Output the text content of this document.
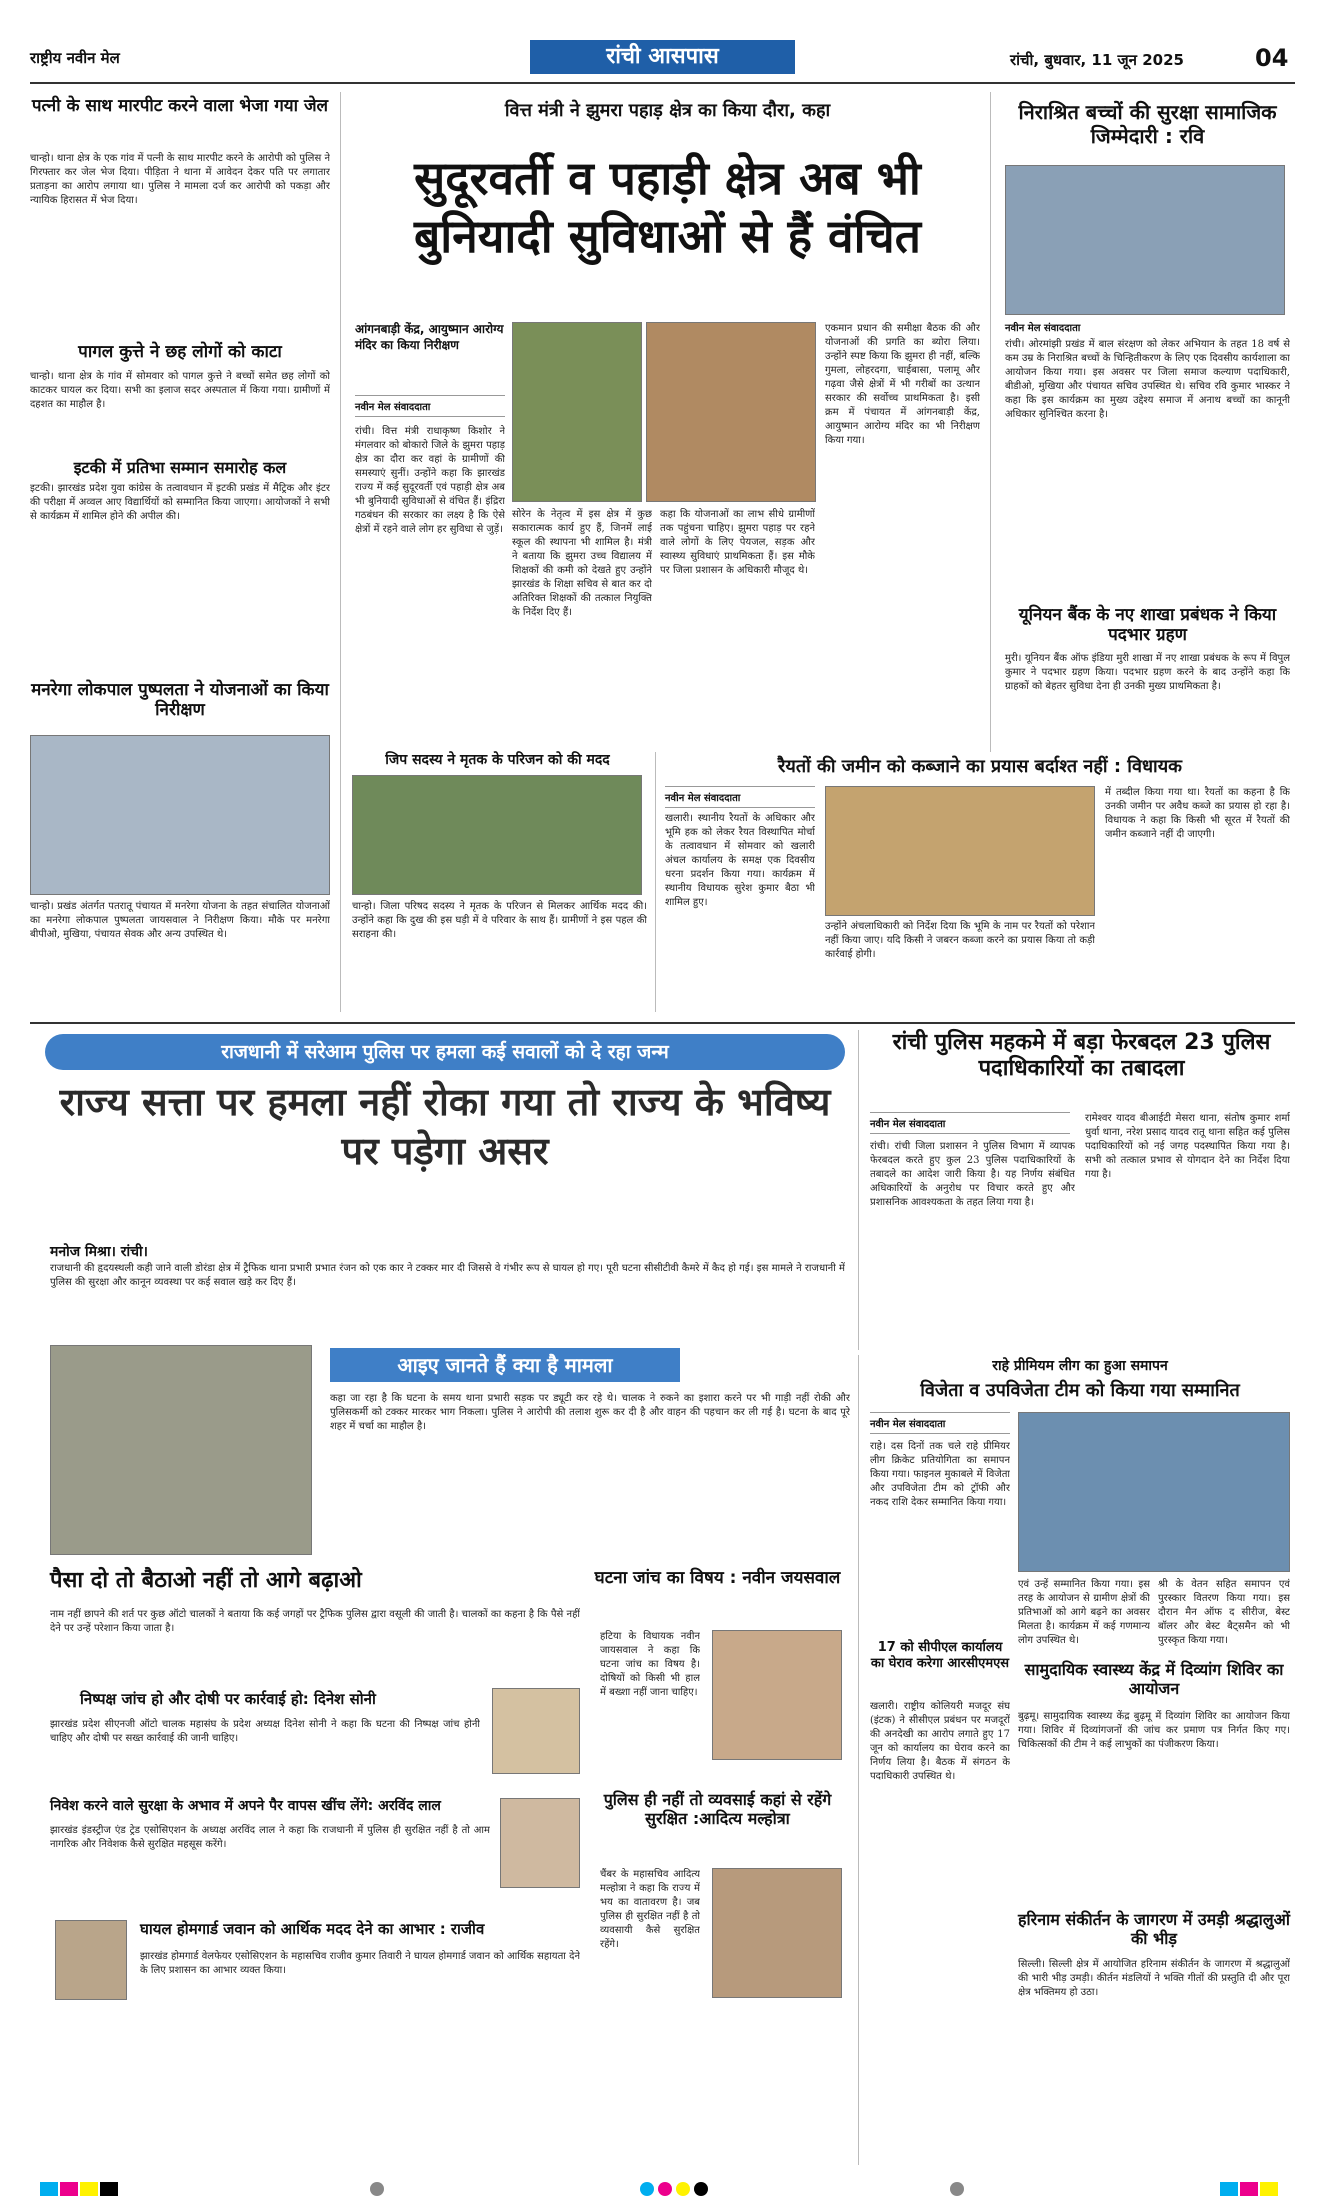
राष्ट्रीय नवीन मेल	रांची आसपास	रांची, बुधवार, 11 जून 2025	04
पत्नी के साथ मारपीट करने वाला भेजा गया जेल
चान्हो। थाना क्षेत्र के एक गांव में पत्नी के साथ मारपीट करने के आरोपी को पुलिस ने गिरफ्तार कर जेल भेज दिया। पीड़िता ने थाना में आवेदन देकर पति पर लगातार प्रताड़ना का आरोप लगाया था। पुलिस ने मामला दर्ज कर आरोपी को पकड़ा और न्यायिक हिरासत में भेज दिया।
पागल कुत्ते ने छह लोगों को काटा
चान्हो। थाना क्षेत्र के गांव में सोमवार को पागल कुत्ते ने बच्चों समेत छह लोगों को काटकर घायल कर दिया। सभी का इलाज सदर अस्पताल में किया गया। ग्रामीणों में दहशत का माहौल है।
इटकी में प्रतिभा सम्मान समारोह कल
इटकी। झारखंड प्रदेश युवा कांग्रेस के तत्वावधान में इटकी प्रखंड में मैट्रिक और इंटर की परीक्षा में अव्वल आए विद्यार्थियों को सम्मानित किया जाएगा। आयोजकों ने सभी से कार्यक्रम में शामिल होने की अपील की।
मनरेगा लोकपाल पुष्पलता ने योजनाओं का किया निरीक्षण
चान्हो। प्रखंड अंतर्गत पतरातू पंचायत में मनरेगा योजना के तहत संचालित योजनाओं का मनरेगा लोकपाल पुष्पलता जायसवाल ने निरीक्षण किया। मौके पर मनरेगा बीपीओ, मुखिया, पंचायत सेवक और अन्य उपस्थित थे।
वित्त मंत्री ने झुमरा पहाड़ क्षेत्र का किया दौरा, कहा
सुदूरवर्ती व पहाड़ी क्षेत्र अब भी बुनियादी सुविधाओं से हैं वंचित
आंगनबाड़ी केंद्र, आयुष्मान आरोग्य मंदिर का किया निरीक्षण
नवीन मेल संवाददाता
रांची। वित्त मंत्री राधाकृष्ण किशोर ने मंगलवार को बोकारो जिले के झुमरा पहाड़ क्षेत्र का दौरा कर वहां के ग्रामीणों की समस्याएं सुनीं। उन्होंने कहा कि झारखंड राज्य में कई सुदूरवर्ती एवं पहाड़ी क्षेत्र अब भी बुनियादी सुविधाओं से वंचित हैं। इंद्रिरा गठबंधन की सरकार का लक्ष्य है कि ऐसे क्षेत्रों में रहने वाले लोग हर सुविधा से जुड़ें।
सोरेन के नेतृत्व में इस क्षेत्र में कुछ सकारात्मक कार्य हुए हैं, जिनमें लाई स्कूल की स्थापना भी शामिल है। मंत्री ने बताया कि झुमरा उच्च विद्यालय में शिक्षकों की कमी को देखते हुए उन्होंने झारखंड के शिक्षा सचिव से बात कर दो अतिरिक्त शिक्षकों की तत्काल नियुक्ति के निर्देश दिए हैं।
कहा कि योजनाओं का लाभ सीधे ग्रामीणों तक पहुंचना चाहिए। झुमरा पहाड़ पर रहने वाले लोगों के लिए पेयजल, सड़क और स्वास्थ्य सुविधाएं प्राथमिकता हैं। इस मौके पर जिला प्रशासन के अधिकारी मौजूद थे।
एकमान प्रधान की समीक्षा बैठक की और योजनाओं की प्रगति का ब्योरा लिया। उन्होंने स्पष्ट किया कि झुमरा ही नहीं, बल्कि गुमला, लोहरदगा, चाईबासा, पलामू और गढ़वा जैसे क्षेत्रों में भी गरीबों का उत्थान सरकार की सर्वोच्च प्राथमिकता है। इसी क्रम में पंचायत में आंगनबाड़ी केंद्र, आयुष्मान आरोग्य मंदिर का भी निरीक्षण किया गया।
निराश्रित बच्चों की सुरक्षा सामाजिक जिम्मेदारी : रवि
नवीन मेल संवाददाता
रांची। ओरमांझी प्रखंड में बाल संरक्षण को लेकर अभियान के तहत 18 वर्ष से कम उम्र के निराश्रित बच्चों के चिन्हितीकरण के लिए एक दिवसीय कार्यशाला का आयोजन किया गया। इस अवसर पर जिला समाज कल्याण पदाधिकारी, बीडीओ, मुखिया और पंचायत सचिव उपस्थित थे। सचिव रवि कुमार भास्कर ने कहा कि इस कार्यक्रम का मुख्य उद्देश्य समाज में अनाथ बच्चों का कानूनी अधिकार सुनिश्चित करना है।
यूनियन बैंक के नए शाखा प्रबंधक ने किया पदभार ग्रहण
मुरी। यूनियन बैंक ऑफ इंडिया मुरी शाखा में नए शाखा प्रबंधक के रूप में विपुल कुमार ने पदभार ग्रहण किया। पदभार ग्रहण करने के बाद उन्होंने कहा कि ग्राहकों को बेहतर सुविधा देना ही उनकी मुख्य प्राथमिकता है।
जिप सदस्य ने मृतक के परिजन को की मदद
चान्हो। जिला परिषद सदस्य ने मृतक के परिजन से मिलकर आर्थिक मदद की। उन्होंने कहा कि दुख की इस घड़ी में वे परिवार के साथ हैं। ग्रामीणों ने इस पहल की सराहना की।
रैयतों की जमीन को कब्जाने का प्रयास बर्दाश्त नहीं : विधायक
नवीन मेल संवाददाता
खलारी। स्थानीय रैयतों के अधिकार और भूमि हक को लेकर रैयत विस्थापित मोर्चा के तत्वावधान में सोमवार को खलारी अंचल कार्यालय के समक्ष एक दिवसीय धरना प्रदर्शन किया गया। कार्यक्रम में स्थानीय विधायक सुरेश कुमार बैठा भी शामिल हुए।
उन्होंने अंचलाधिकारी को निर्देश दिया कि भूमि के नाम पर रैयतों को परेशान नहीं किया जाए। यदि किसी ने जबरन कब्जा करने का प्रयास किया तो कड़ी कार्रवाई होगी।
में तब्दील किया गया था। रैयतों का कहना है कि उनकी जमीन पर अवैध कब्जे का प्रयास हो रहा है। विधायक ने कहा कि किसी भी सूरत में रैयतों की जमीन कब्जाने नहीं दी जाएगी।
राजधानी में सरेआम पुलिस पर हमला कई सवालों को दे रहा जन्म
राज्य सत्ता पर हमला नहीं रोका गया तो राज्य के भविष्य पर पड़ेगा असर
रांची पुलिस महकमे में बड़ा फेरबदल 23 पुलिस पदाधिकारियों का तबादला
नवीन मेल संवाददाता
रांची। रांची जिला प्रशासन ने पुलिस विभाग में व्यापक फेरबदल करते हुए कुल 23 पुलिस पदाधिकारियों के तबादले का आदेश जारी किया है। यह निर्णय संबंधित अधिकारियों के अनुरोध पर विचार करते हुए और प्रशासनिक आवश्यकता के तहत लिया गया है।
रामेश्वर यादव बीआईटी मेसरा थाना, संतोष कुमार शर्मा धुर्वा थाना, नरेश प्रसाद यादव रातू थाना सहित कई पुलिस पदाधिकारियों को नई जगह पदस्थापित किया गया है। सभी को तत्काल प्रभाव से योगदान देने का निर्देश दिया गया है।
मनोज मिश्रा। रांची।
राजधानी की हृदयस्थली कही जाने वाली डोरंडा क्षेत्र में ट्रैफिक थाना प्रभारी प्रभात रंजन को एक कार ने टक्कर मार दी जिससे वे गंभीर रूप से घायल हो गए। पूरी घटना सीसीटीवी कैमरे में कैद हो गई। इस मामले ने राजधानी में पुलिस की सुरक्षा और कानून व्यवस्था पर कई सवाल खड़े कर दिए हैं।
आइए जानते हैं क्या है मामला
कहा जा रहा है कि घटना के समय थाना प्रभारी सड़क पर ड्यूटी कर रहे थे। चालक ने रुकने का इशारा करने पर भी गाड़ी नहीं रोकी और पुलिसकर्मी को टक्कर मारकर भाग निकला। पुलिस ने आरोपी की तलाश शुरू कर दी है और वाहन की पहचान कर ली गई है। घटना के बाद पूरे शहर में चर्चा का माहौल है।
पैसा दो तो बैठाओ नहीं तो आगे बढ़ाओ
नाम नहीं छापने की शर्त पर कुछ ऑटो चालकों ने बताया कि कई जगहों पर ट्रैफिक पुलिस द्वारा वसूली की जाती है। चालकों का कहना है कि पैसे नहीं देने पर उन्हें परेशान किया जाता है।
निष्पक्ष जांच हो और दोषी पर कार्रवाई हो: दिनेश सोनी
झारखंड प्रदेश सीएनजी ऑटो चालक महासंघ के प्रदेश अध्यक्ष दिनेश सोनी ने कहा कि घटना की निष्पक्ष जांच होनी चाहिए और दोषी पर सख्त कार्रवाई की जानी चाहिए।
निवेश करने वाले सुरक्षा के अभाव में अपने पैर वापस खींच लेंगे: अरविंद लाल
झारखंड इंडस्ट्रीज एंड ट्रेड एसोसिएशन के अध्यक्ष अरविंद लाल ने कहा कि राजधानी में पुलिस ही सुरक्षित नहीं है तो आम नागरिक और निवेशक कैसे सुरक्षित महसूस करेंगे।
घायल होमगार्ड जवान को आर्थिक मदद देने का आभार : राजीव
झारखंड होमगार्ड वेलफेयर एसोसिएशन के महासचिव राजीव कुमार तिवारी ने घायल होमगार्ड जवान को आर्थिक सहायता देने के लिए प्रशासन का आभार व्यक्त किया।
घटना जांच का विषय : नवीन जयसवाल
हटिया के विधायक नवीन जायसवाल ने कहा कि घटना जांच का विषय है। दोषियों को किसी भी हाल में बख्शा नहीं जाना चाहिए।
पुलिस ही नहीं तो व्यवसाई कहां से रहेंगे सुरक्षित :आदित्य मल्होत्रा
चैंबर के महासचिव आदित्य मल्होत्रा ने कहा कि राज्य में भय का वातावरण है। जब पुलिस ही सुरक्षित नहीं है तो व्यवसायी कैसे सुरक्षित रहेंगे।
राहे प्रीमियम लीग का हुआ समापन
विजेता व उपविजेता टीम को किया गया सम्मानित
नवीन मेल संवाददाता
राहे। दस दिनों तक चले राहे प्रीमियर लीग क्रिकेट प्रतियोगिता का समापन किया गया। फाइनल मुकाबले में विजेता और उपविजेता टीम को ट्रॉफी और नकद राशि देकर सम्मानित किया गया।
एवं उन्हें सम्मानित किया गया। इस तरह के आयोजन से ग्रामीण क्षेत्रों की प्रतिभाओं को आगे बढ़ने का अवसर मिलता है। कार्यक्रम में कई गणमान्य लोग उपस्थित थे।
श्री के वेतन सहित समापन एवं पुरस्कार वितरण किया गया। इस दौरान मैन ऑफ द सीरीज, बेस्ट बॉलर और बेस्ट बैट्समैन को भी पुरस्कृत किया गया।
17 को सीपीएल कार्यालय का घेराव करेगा आरसीएमएस
खलारी। राष्ट्रीय कोलियरी मजदूर संघ (इंटक) ने सीसीएल प्रबंधन पर मजदूरों की अनदेखी का आरोप लगाते हुए 17 जून को कार्यालय का घेराव करने का निर्णय लिया है। बैठक में संगठन के पदाधिकारी उपस्थित थे।
सामुदायिक स्वास्थ्य केंद्र में दिव्यांग शिविर का आयोजन
बुढ़मू। सामुदायिक स्वास्थ्य केंद्र बुढ़मू में दिव्यांग शिविर का आयोजन किया गया। शिविर में दिव्यांगजनों की जांच कर प्रमाण पत्र निर्गत किए गए। चिकित्सकों की टीम ने कई लाभुकों का पंजीकरण किया।
हरिनाम संकीर्तन के जागरण में उमड़ी श्रद्धालुओं की भीड़
सिल्ली। सिल्ली क्षेत्र में आयोजित हरिनाम संकीर्तन के जागरण में श्रद्धालुओं की भारी भीड़ उमड़ी। कीर्तन मंडलियों ने भक्ति गीतों की प्रस्तुति दी और पूरा क्षेत्र भक्तिमय हो उठा।
